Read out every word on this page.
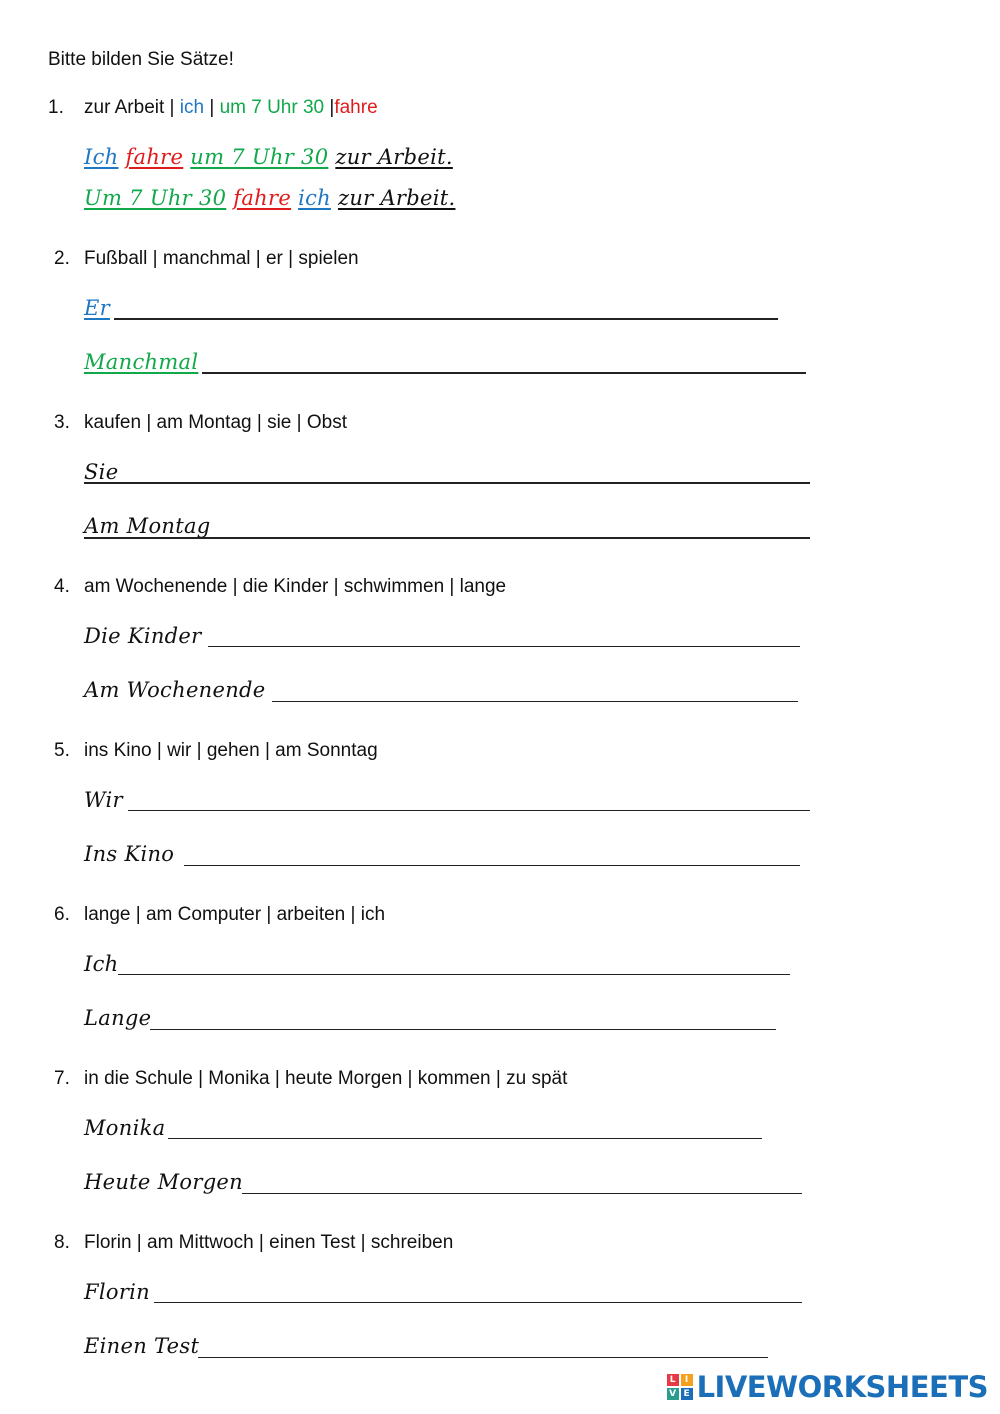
Bitte bilden Sie Sätze!
1. zur Arbeit | ich | um 7 Uhr 30 |fahre
Ich fahre um 7 Uhr 30 zur Arbeit.
Um 7 Uhr 30 fahre ich zur Arbeit.
2. Fußball | manchmal | er | spielen
Er
Manchmal
3. kaufen | am Montag | sie | Obst
Sie
Am Montag
4. am Wochenende | die Kinder | schwimmen | lange
Die Kinder
Am Wochenende
5. ins Kino | wir | gehen | am Sonntag
Wir
Ins Kino
6. lange | am Computer | arbeiten | ich
Ich
Lange
7. in die Schule | Monika | heute Morgen | kommen | zu spät
Monika
Heute Morgen
8. Florin | am Mittwoch | einen Test | schreiben
Florin
Einen Test
L	I
V E LIVEWORKSHEETS
